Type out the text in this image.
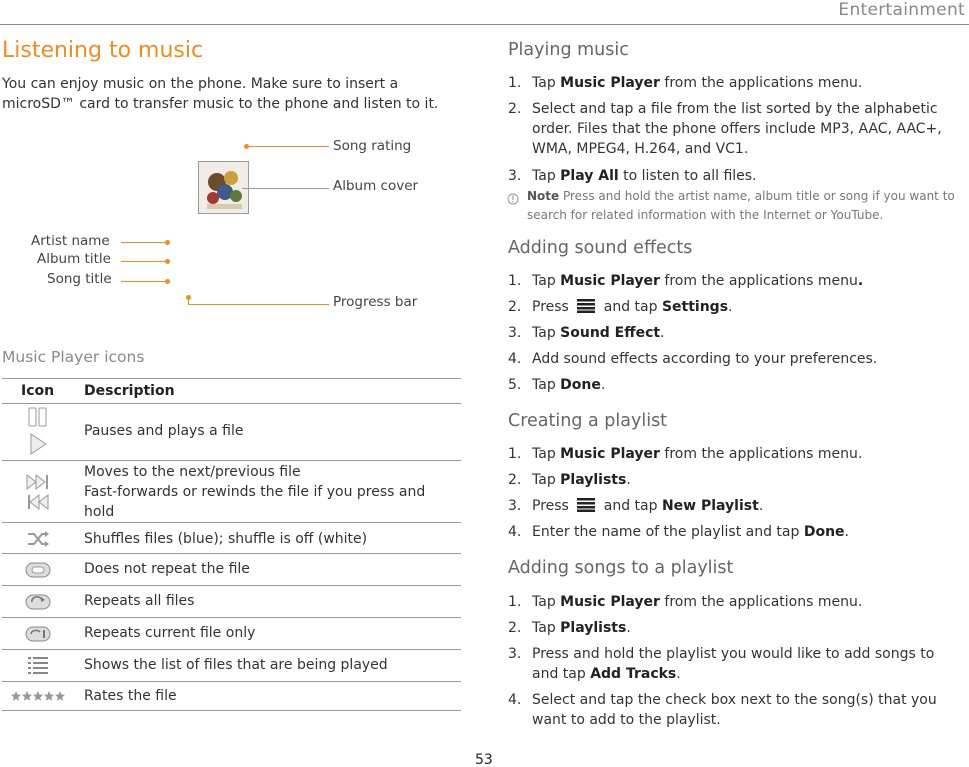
Entertainment
Listening to music
You can enjoy music on the phone. Make sure to insert a microSD™ card to transfer music to the phone and listen to it.
Song rating
Album cover
Artist name
Album title
Song title
Progress bar
Music Player icons
Icon Description
Pauses and plays a file
Moves to the next/previous file
Fast-forwards or rewinds the file if you press and hold
Shuffles files (blue); shuffle is off (white)
Does not repeat the file
Repeats all files
Repeats current file only
Shows the list of files that are being played
Rates the file
Playing music
1. Tap Music Player from the applications menu.
2. Select and tap a file from the list sorted by the alphabetic order. Files that the phone offers include MP3, AAC, AAC+, WMA, MPEG4, H.264, and VC1.
3. Tap Play All to listen to all files.
Note Press and hold the artist name, album title or song if you want to search for related information with the Internet or YouTube.
Adding sound effects
1. Tap Music Player from the applications menu.
2. Press  and tap Settings.
3. Tap Sound Effect.
4. Add sound effects according to your preferences.
5. Tap Done.
Creating a playlist
1. Tap Music Player from the applications menu.
2. Tap Playlists.
3. Press  and tap New Playlist.
4. Enter the name of the playlist and tap Done.
Adding songs to a playlist
1. Tap Music Player from the applications menu.
2. Tap Playlists.
3. Press and hold the playlist you would like to add songs to and tap Add Tracks.
4. Select and tap the check box next to the song(s) that you want to add to the playlist.
53
